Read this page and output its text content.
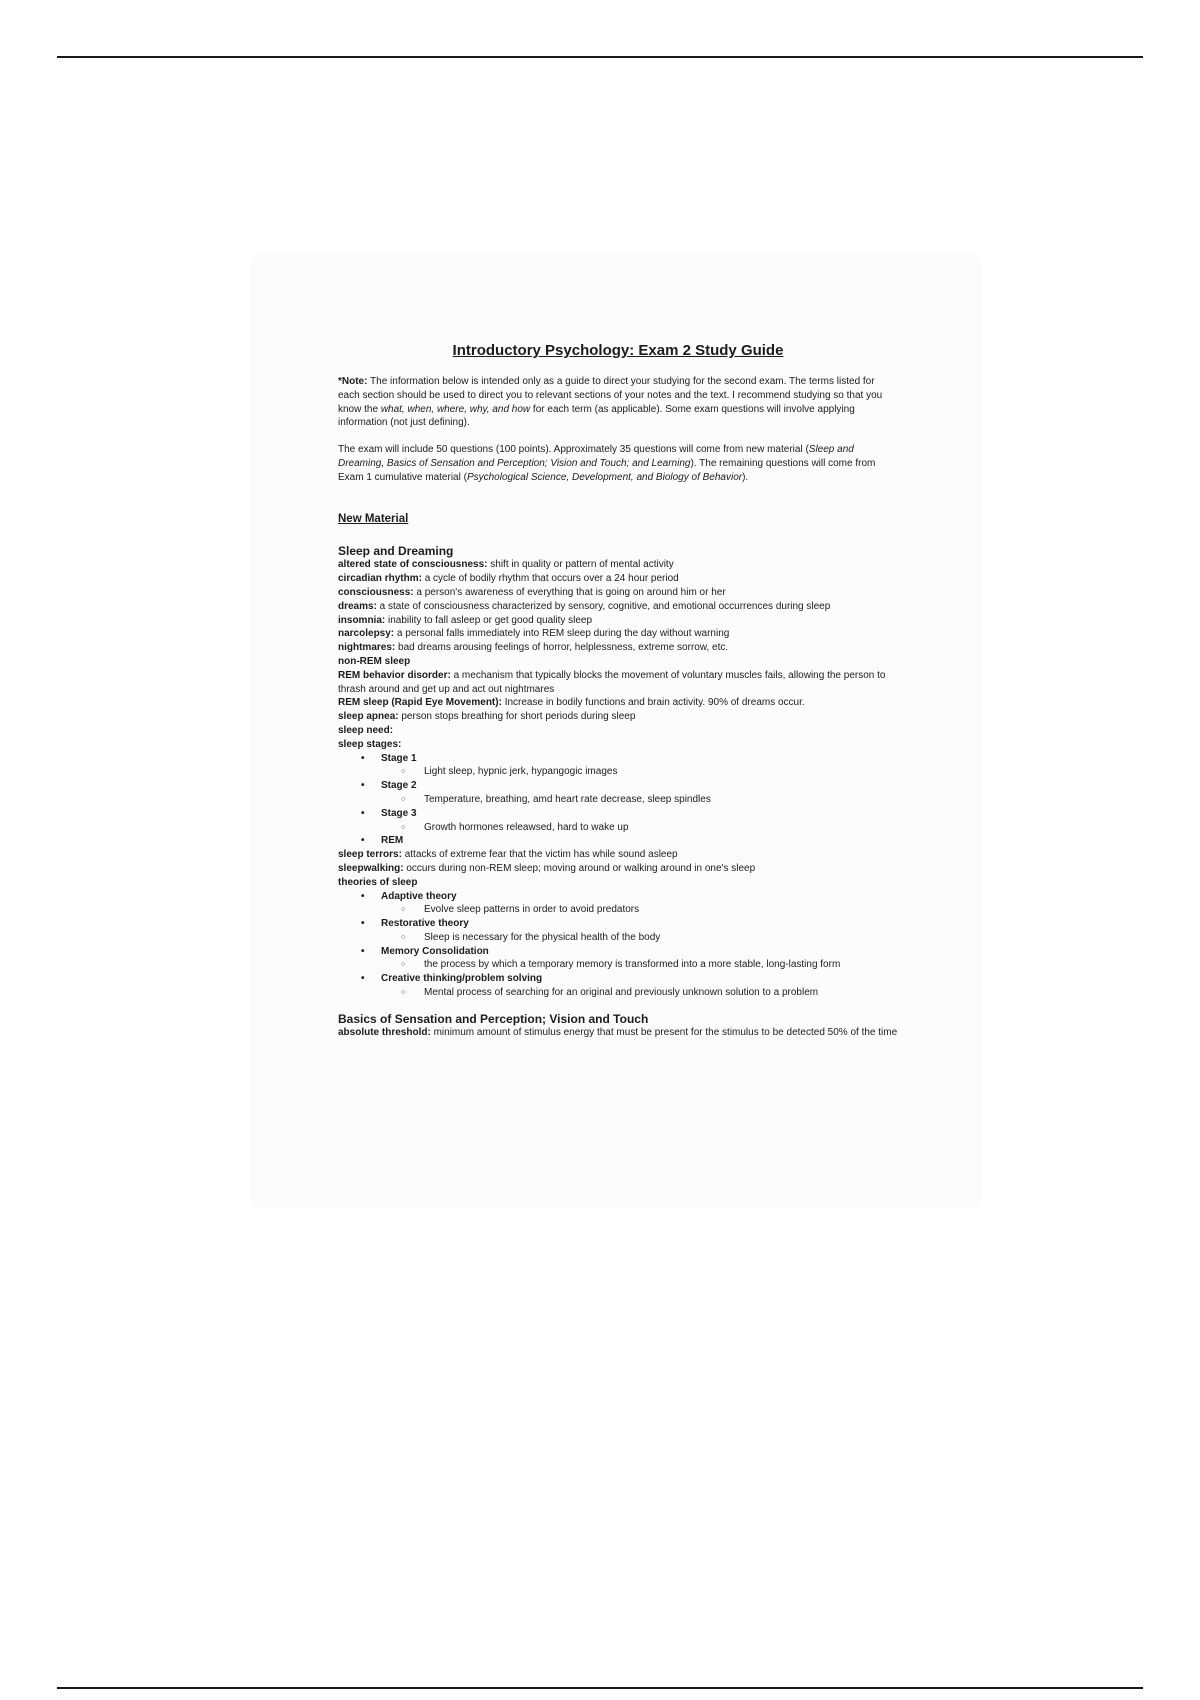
Introductory Psychology: Exam 2 Study Guide

*Note: The information below is intended only as a guide to direct your studying for the second exam. The terms listed for each section should be used to direct you to relevant sections of your notes and the text. I recommend studying so that you know the what, when, where, why, and how for each term (as applicable). Some exam questions will involve applying information (not just defining).

The exam will include 50 questions (100 points). Approximately 35 questions will come from new material (Sleep and Dreaming, Basics of Sensation and Perception; Vision and Touch; and Learning). The remaining questions will come from Exam 1 cumulative material (Psychological Science, Development, and Biology of Behavior).

New Material
Sleep and Dreaming
altered state of consciousness: shift in quality or pattern of mental activity
circadian rhythm: a cycle of bodily rhythm that occurs over a 24 hour period
consciousness: a person's awareness of everything that is going on around him or her
dreams: a state of consciousness characterized by sensory, cognitive, and emotional occurrences during sleep
insomnia: inability to fall asleep or get good quality sleep
narcolepsy: a personal falls immediately into REM sleep during the day without warning
nightmares: bad dreams arousing feelings of horror, helplessness, extreme sorrow, etc.
non-REM sleep
REM behavior disorder: a mechanism that typically blocks the movement of voluntary muscles fails, allowing the person to thrash around and get up and act out nightmares
REM sleep (Rapid Eye Movement): Increase in bodily functions and brain activity. 90% of dreams occur.
sleep apnea: person stops breathing for short periods during sleep
sleep need:
sleep stages:
• Stage 1
○ Light sleep, hypnic jerk, hypangogic images
• Stage 2
○ Temperature, breathing, amd heart rate decrease, sleep spindles
• Stage 3
○ Growth hormones releawsed, hard to wake up
• REM
sleep terrors: attacks of extreme fear that the victim has while sound asleep
sleepwalking: occurs during non-REM sleep; moving around or walking around in one's sleep
theories of sleep
• Adaptive theory
○ Evolve sleep patterns in order to avoid predators
• Restorative theory
○ Sleep is necessary for the physical health of the body
• Memory Consolidation
○ the process by which a temporary memory is transformed into a more stable, long-lasting form
• Creative thinking/problem solving
○ Mental process of searching for an original and previously unknown solution to a problem
Basics of Sensation and Perception; Vision and Touch
absolute threshold: minimum amount of stimulus energy that must be present for the stimulus to be detected 50% of the time
